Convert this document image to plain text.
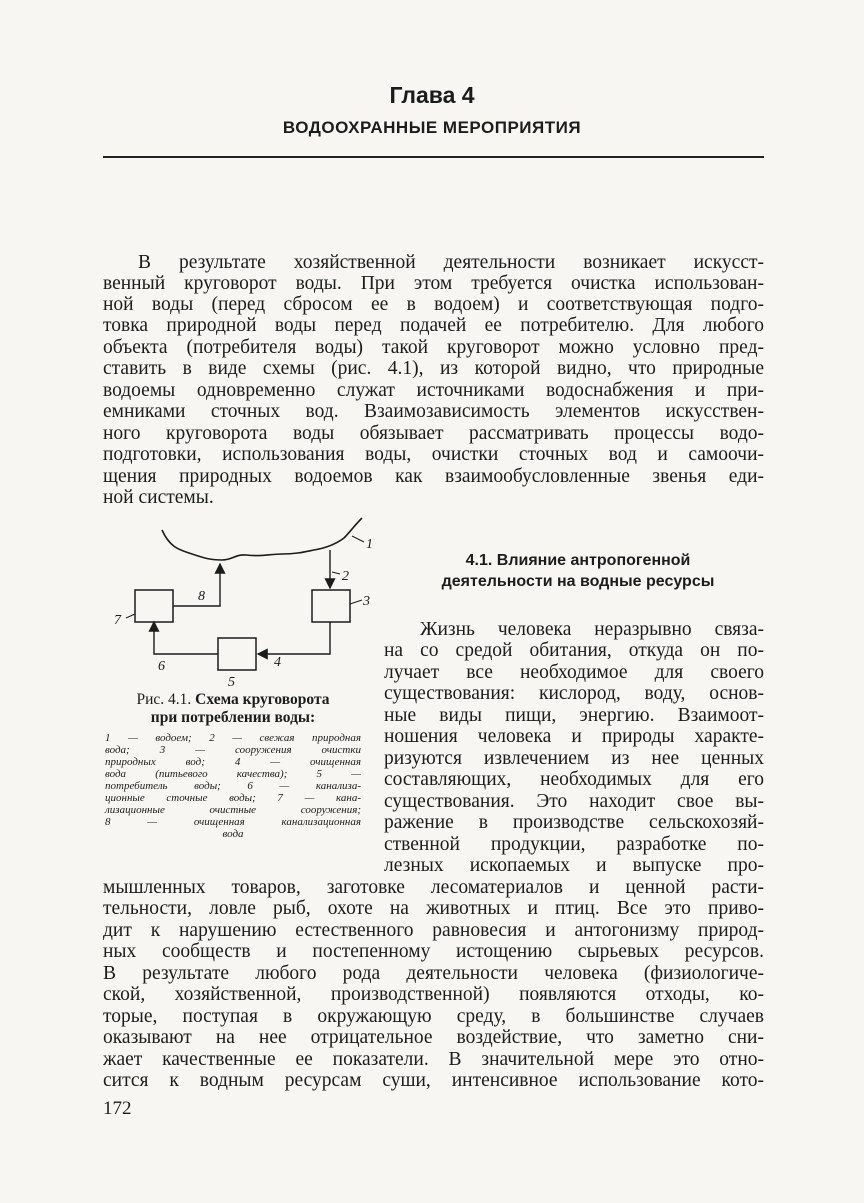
Глава 4
ВОДООХРАННЫЕ МЕРОПРИЯТИЯ
В результате хозяйственной деятельности возникает искусст-
венный круговорот воды. При этом требуется очистка использован-
ной воды (перед сбросом ее в водоем) и соответствующая подго-
товка природной воды перед подачей ее потребителю. Для любого
объекта (потребителя воды) такой круговорот можно условно пред-
ставить в виде схемы (рис. 4.1), из которой видно, что природные
водоемы одновременно служат источниками водоснабжения и при-
емниками сточных вод. Взаимозависимость элементов искусствен-
ного круговорота воды обязывает рассматривать процессы водо-
подготовки, использования воды, очистки сточных вод и самоочи-
щения природных водоемов как взаимообусловленные звенья еди-
ной системы.
1
2
3
4
5
6
7
8
Рис. 4.1. Схема круговорота
при потреблении воды:
1 — водоем; 2 — свежая природная
вода; 3 — сооружения очистки
природных вод; 4 — очищенная
вода (питьевого качества); 5 —
потребитель воды; 6 — канализа-
ционные сточные воды; 7 — кана-
лизационные очистные сооружения;
8 — очищенная канализационная
вода
4.1. Влияние антропогенной
деятельности на водные ресурсы
Жизнь человека неразрывно связа-
на со средой обитания, откуда он по-
лучает все необходимое для своего
существования: кислород, воду, основ-
ные виды пищи, энергию. Взаимоот-
ношения человека и природы характе-
ризуются извлечением из нее ценных
составляющих, необходимых для его
существования. Это находит свое вы-
ражение в производстве сельскохозяй-
ственной продукции, разработке по-
лезных ископаемых и выпуске про-
мышленных товаров, заготовке лесоматериалов и ценной расти-
тельности, ловле рыб, охоте на животных и птиц. Все это приво-
дит к нарушению естественного равновесия и антогонизму природ-
ных сообществ и постепенному истощению сырьевых ресурсов.
В результате любого рода деятельности человека (физиологиче-
ской, хозяйственной, производственной) появляются отходы, ко-
торые, поступая в окружающую среду, в большинстве случаев
оказывают на нее отрицательное воздействие, что заметно сни-
жает качественные ее показатели. В значительной мере это отно-
сится к водным ресурсам суши, интенсивное использование кото-
172
